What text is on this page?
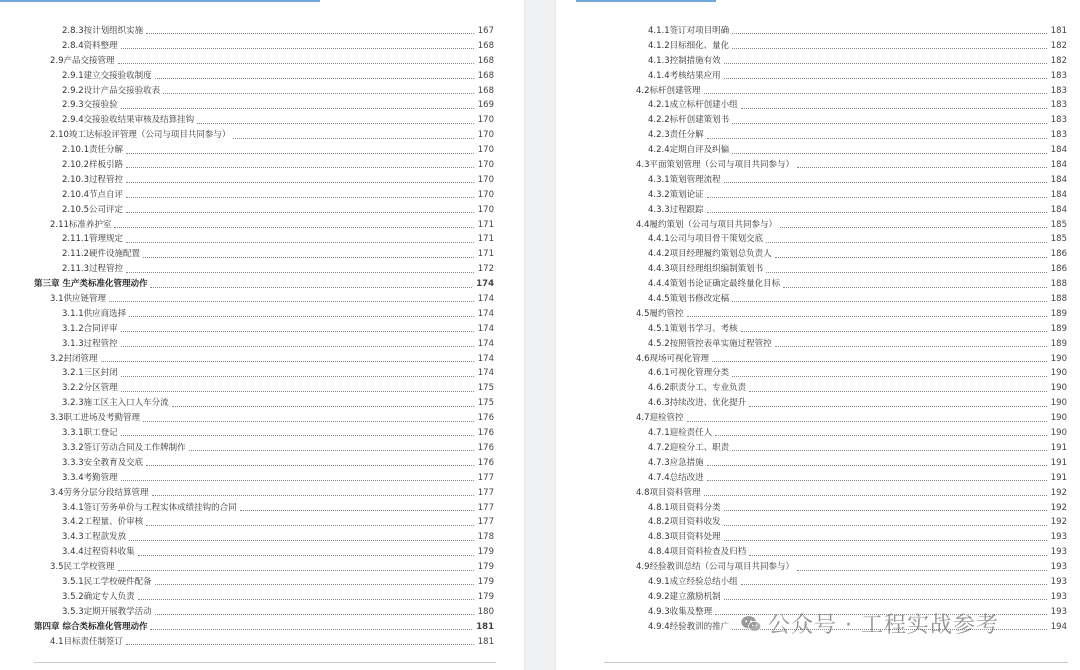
2.8.3按计划组织实施	167
2.8.4资料整理	168
2.9产品交接管理	168
2.9.1建立交接验收制度	168
2.9.2设计产品交接验收表	168
2.9.3交接验验	169
2.9.4交接验收结果审核及结算挂钩	170
2.10竣工达标验评管理（公司与项目共同参与）	170
2.10.1责任分解	170
2.10.2样板引路	170
2.10.3过程管控	170
2.10.4节点自评	170
2.10.5公司评定	170
2.11标准养护室	171
2.11.1管理规定	171
2.11.2硬件设施配置	171
2.11.3过程管控	172
第三章 生产类标准化管理动作	174
3.1供应链管理	174
3.1.1供应商选择	174
3.1.2合同评审	174
3.1.3过程管控	174
3.2封闭管理	174
3.2.1三区封闭	174
3.2.2分区管理	175
3.2.3施工区主入口人车分流	175
3.3职工进场及考勤管理	176
3.3.1职工登记	176
3.3.2签订劳动合同及工作牌制作	176
3.3.3安全教育及交底	176
3.3.4考勤管理	177
3.4劳务分层分段结算管理	177
3.4.1签订劳务单价与工程实体成绩挂钩的合同	177
3.4.2工程量、价审核	177
3.4.3工程款发放	178
3.4.4过程资料收集	179
3.5民工学校管理	179
3.5.1民工学校硬件配备	179
3.5.2确定专人负责	179
3.5.3定期开展教学活动	180
第四章 综合类标准化管理动作	181
4.1目标责任制签订	181
4.1.1签订对项目明确	181
4.1.2目标细化、量化	182
4.1.3控制措施有效	182
4.1.4考核结果应用	183
4.2标杆创建管理	183
4.2.1成立标杆创建小组	183
4.2.2标杆创建策划书	183
4.2.3责任分解	183
4.2.4定期自评及纠偏	184
4.3平面策划管理（公司与项目共同参与）	184
4.3.1策划管理流程	184
4.3.2策划论证	184
4.3.3过程跟踪	184
4.4履约策划（公司与项目共同参与）	185
4.4.1公司与项目骨干策划交底	185
4.4.2项目经理履约策划总负责人	186
4.4.3项目经理组织编制策划书	186
4.4.4策划书论证确定最终量化目标	188
4.4.5策划书修改定稿	188
4.5履约管控	189
4.5.1策划书学习、考核	189
4.5.2按照管控表单实施过程管控	189
4.6现场可视化管理	190
4.6.1可视化管理分类	190
4.6.2职责分工、专业负责	190
4.6.3持续改进、优化提升	190
4.7迎检管控	190
4.7.1迎检责任人	190
4.7.2迎检分工、职责	191
4.7.3应急措施	191
4.7.4总结改进	191
4.8项目资料管理	192
4.8.1项目资料分类	192
4.8.2项目资料收发	192
4.8.3项目资料处理	193
4.8.4项目资料检查及归档	193
4.9经验教训总结（公司与项目共同参与）	193
4.9.1成立经验总结小组	193
4.9.2建立激励机制	193
4.9.3收集及整理	193
4.9.4经验教训的推广	194
公众号 · 工程实战参考
